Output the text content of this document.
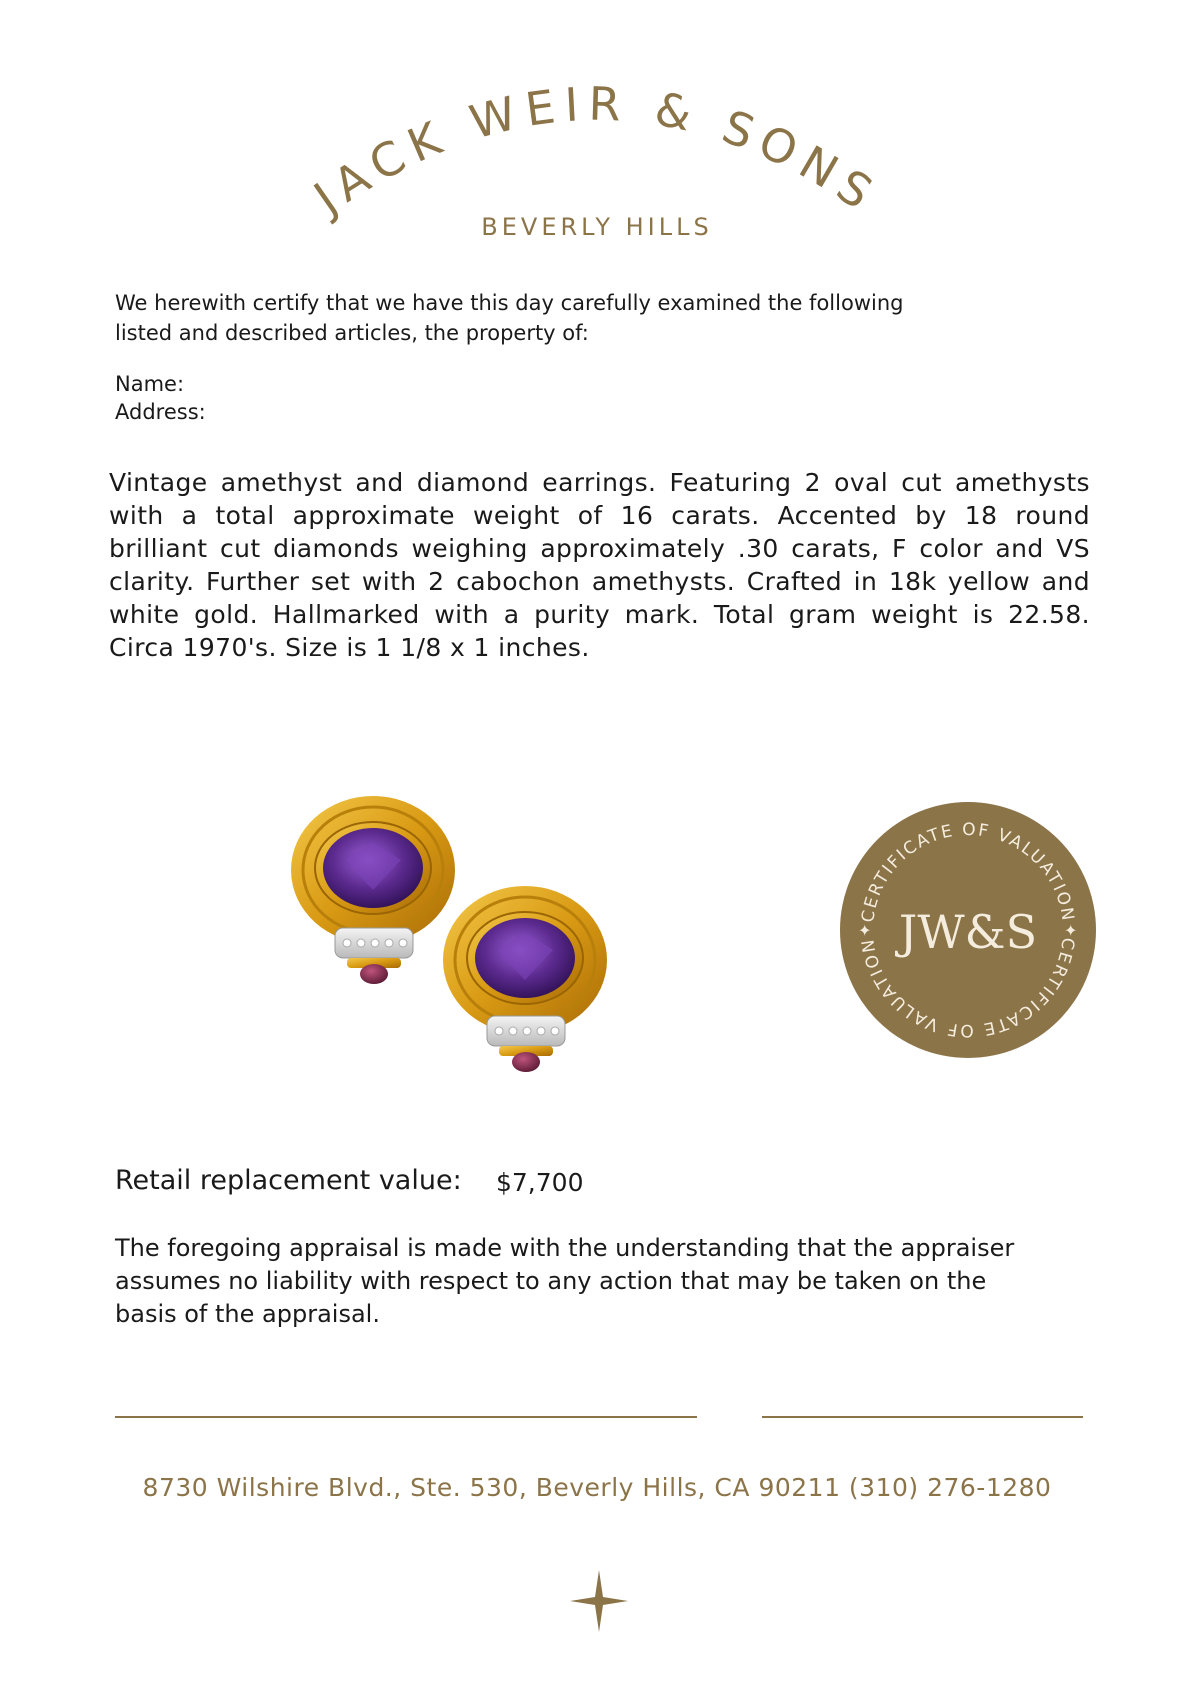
JACK WEIR & SONS
BEVERLY HILLS
We herewith certify that we have this day carefully examined the following listed and described articles, the property of:
Name:
Address:
Vintage amethyst and diamond earrings. Featuring 2 oval cut amethysts with a total approximate weight of 16 carats. Accented by 18 round brilliant cut diamonds weighing approximately .30 carats, F color and VS clarity. Further set with 2 cabochon amethysts. Crafted in 18k yellow and white gold. Hallmarked with a purity mark. Total gram weight is 22.58. Circa 1970's. Size is 1 1/8 x 1 inches.
CERTIFICATE OF VALUATION
CERTIFICATE OF VALUATION
✦	✦
JW&S
Retail replacement value: $7,700
The foregoing appraisal is made with the understanding that the appraiser assumes no liability with respect to any action that may be taken on the basis of the appraisal.
8730 Wilshire Blvd., Ste. 530, Beverly Hills, CA 90211 (310) 276-1280
